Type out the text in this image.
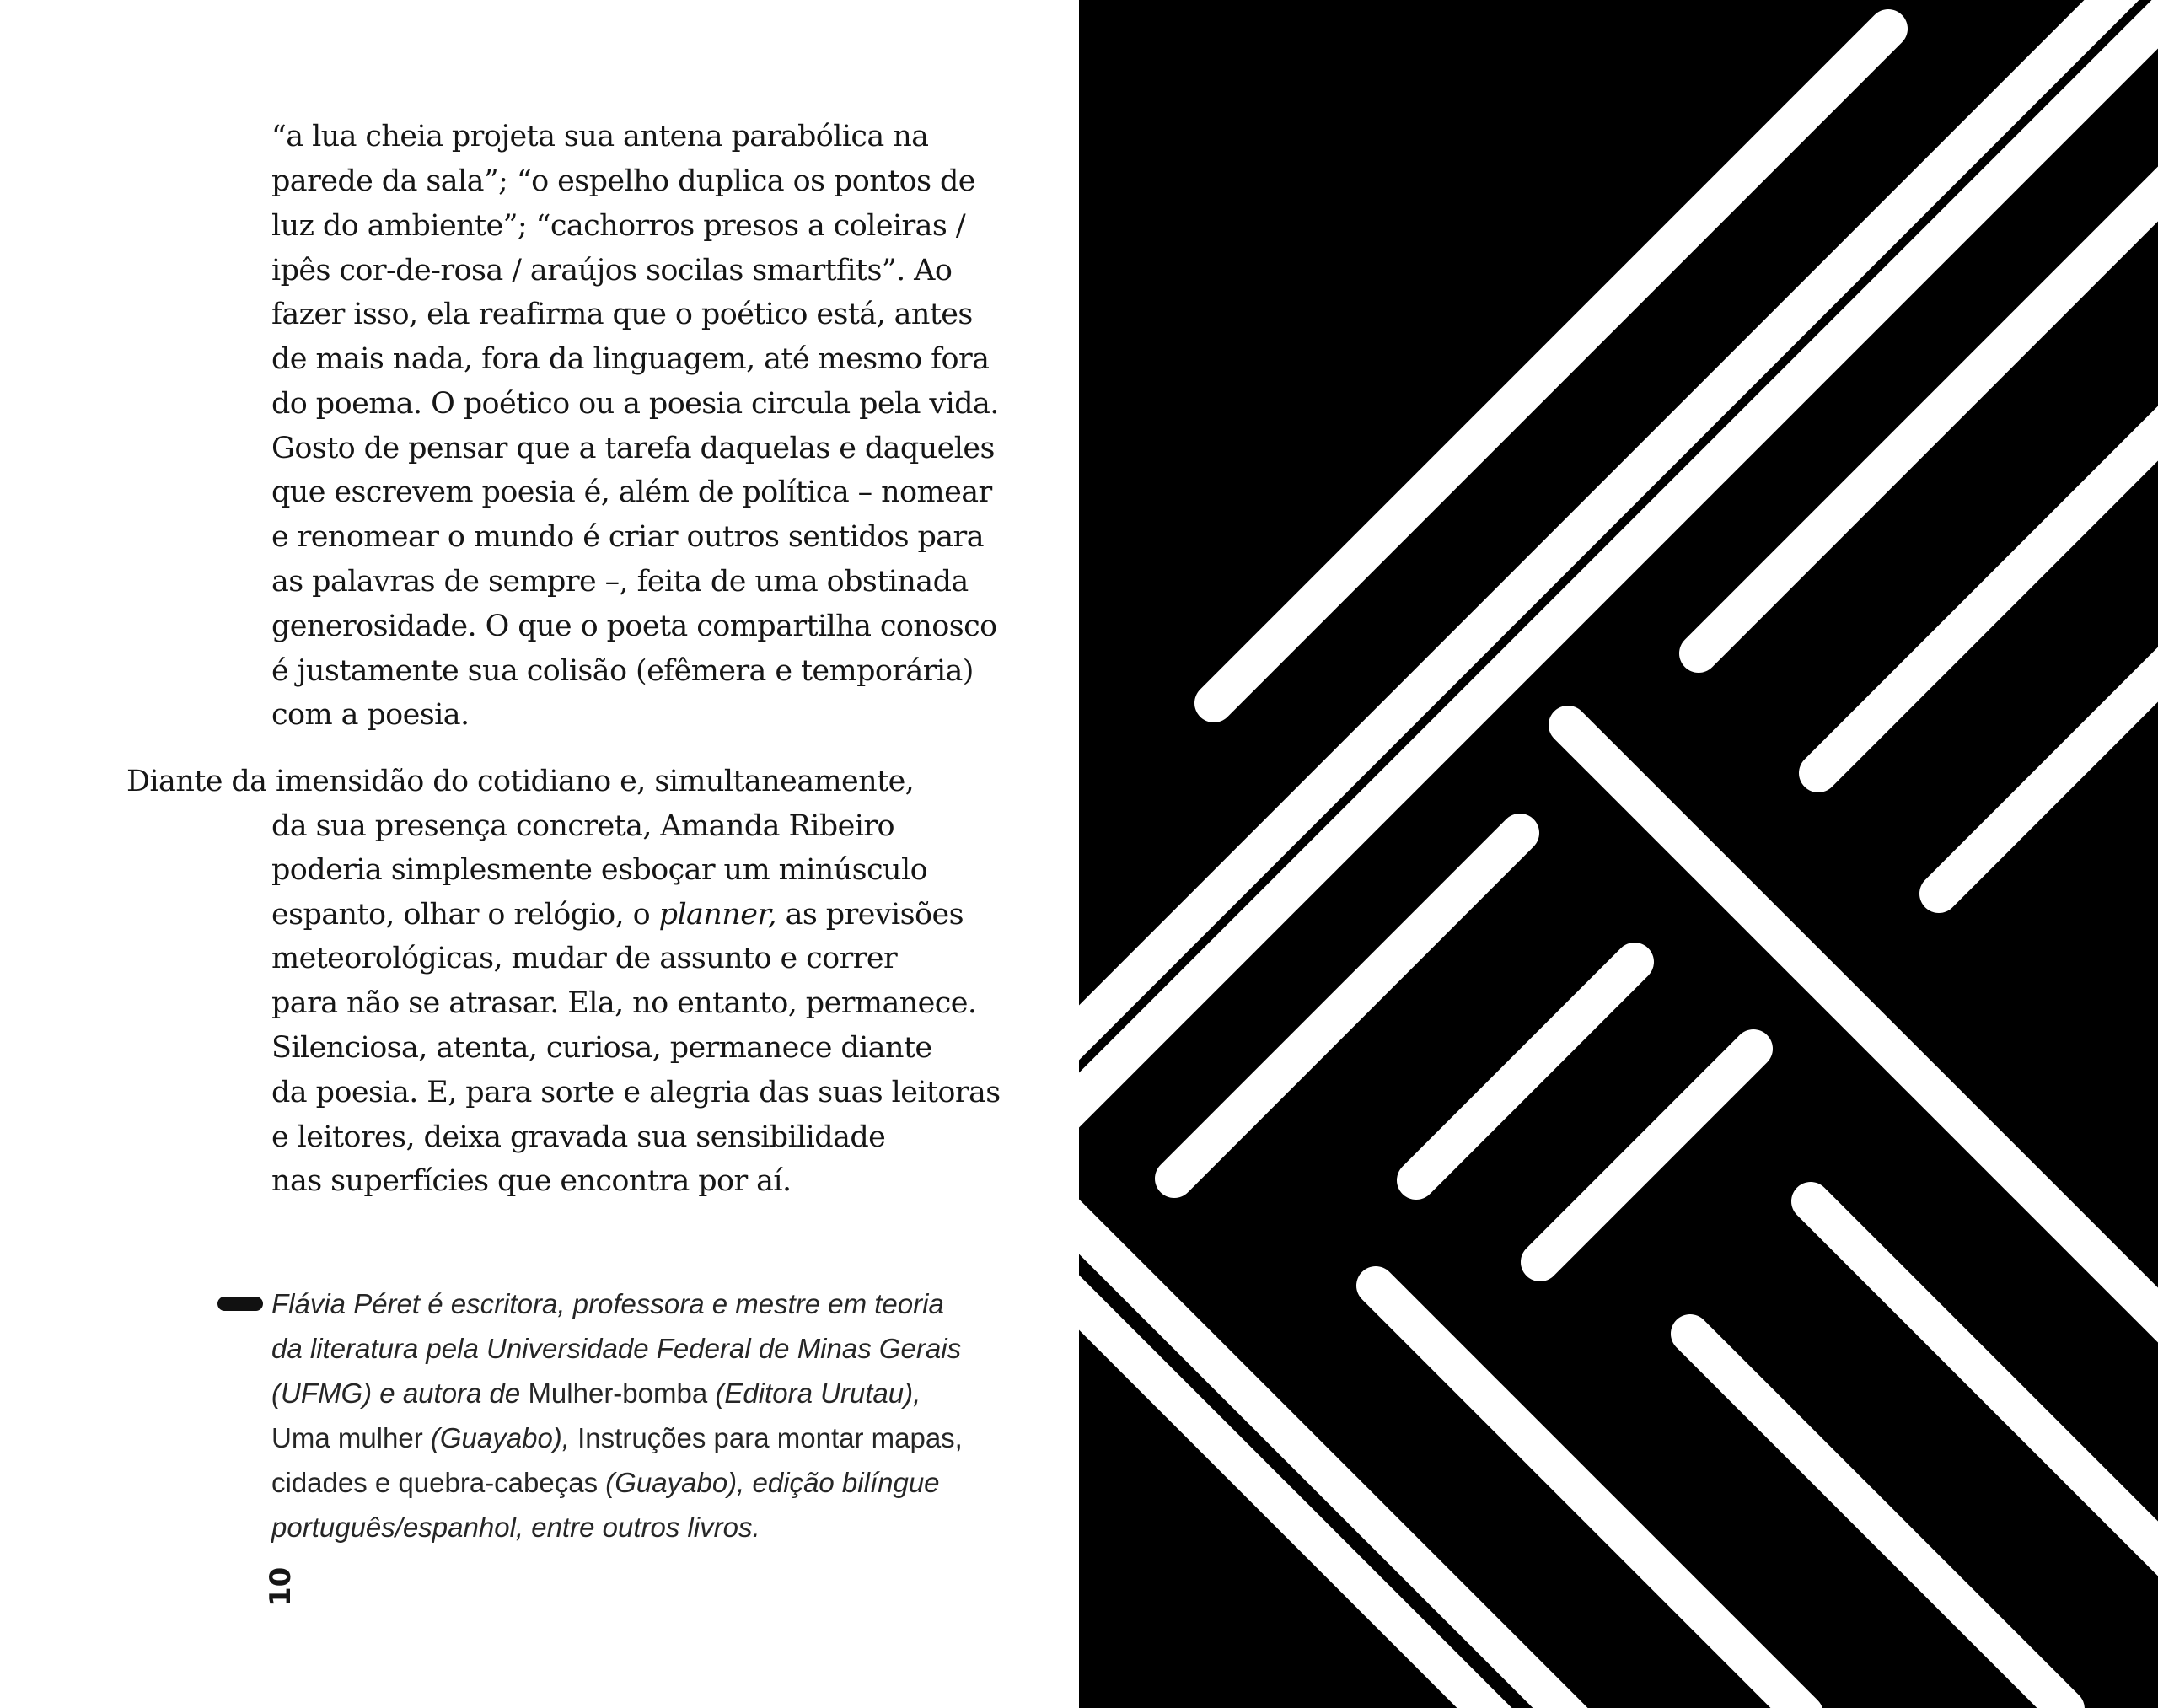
“a lua cheia projeta sua antena parabólica na
parede da sala”; “o espelho duplica os pontos de
luz do ambiente”; “cachorros presos a coleiras /
ipês cor-de-rosa / araújos socilas smartfits”. Ao
fazer isso, ela reafirma que o poético está, antes
de mais nada, fora da linguagem, até mesmo fora
do poema. O poético ou a poesia circula pela vida.
Gosto de pensar que a tarefa daquelas e daqueles
que escrevem poesia é, além de política – nomear
e renomear o mundo é criar outros sentidos para
as palavras de sempre –, feita de uma obstinada
generosidade. O que o poeta compartilha conosco
é justamente sua colisão (efêmera e temporária)
com a poesia.
Diante da imensidão do cotidiano e, simultaneamente,
da sua presença concreta, Amanda Ribeiro
poderia simplesmente esboçar um minúsculo
espanto, olhar o relógio, o planner, as previsões
meteorológicas, mudar de assunto e correr
para não se atrasar. Ela, no entanto, permanece.
Silenciosa, atenta, curiosa, permanece diante
da poesia. E, para sorte e alegria das suas leitoras
e leitores, deixa gravada sua sensibilidade
nas superfícies que encontra por aí.
Flávia Péret é escritora, professora e mestre em teoria
da literatura pela Universidade Federal de Minas Gerais
(UFMG) e autora de Mulher-bomba (Editora Urutau),
Uma mulher (Guayabo), Instruções para montar mapas,
cidades e quebra-cabeças (Guayabo), edição bilíngue
português/espanhol, entre outros livros.
10
